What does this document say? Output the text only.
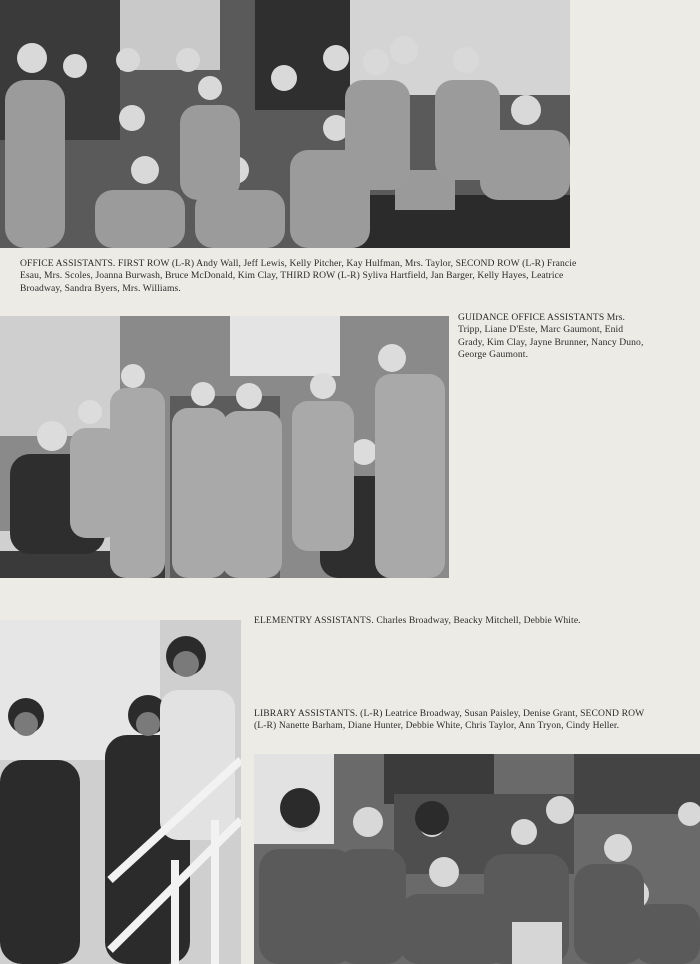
OFFICE ASSISTANTS. FIRST ROW (L-R) Andy Wall, Jeff Lewis, Kelly Pitcher, Kay Hulfman, Mrs. Taylor, SECOND ROW (L-R) Francie Esau, Mrs. Scoles, Joanna Burwash, Bruce McDonald, Kim Clay, THIRD ROW (L-R) Syliva Hartfield, Jan Barger, Kelly Hayes, Leatrice Broadway, Sandra Byers, Mrs. Williams.

GUIDANCE OFFICE ASSISTANTS Mrs. Tripp, Liane D'Este, Marc Gaumont, Enid Grady, Kim Clay, Jayne Brunner, Nancy Duno, George Gaumont.

ELEMENTRY ASSISTANTS. Charles Broadway, Beacky Mitchell, Debbie White.

LIBRARY ASSISTANTS. (L-R) Leatrice Broadway, Susan Paisley, Denise Grant, SECOND ROW (L-R) Nanette Barham, Diane Hunter, Debbie White, Chris Taylor, Ann Tryon, Cindy Heller.
